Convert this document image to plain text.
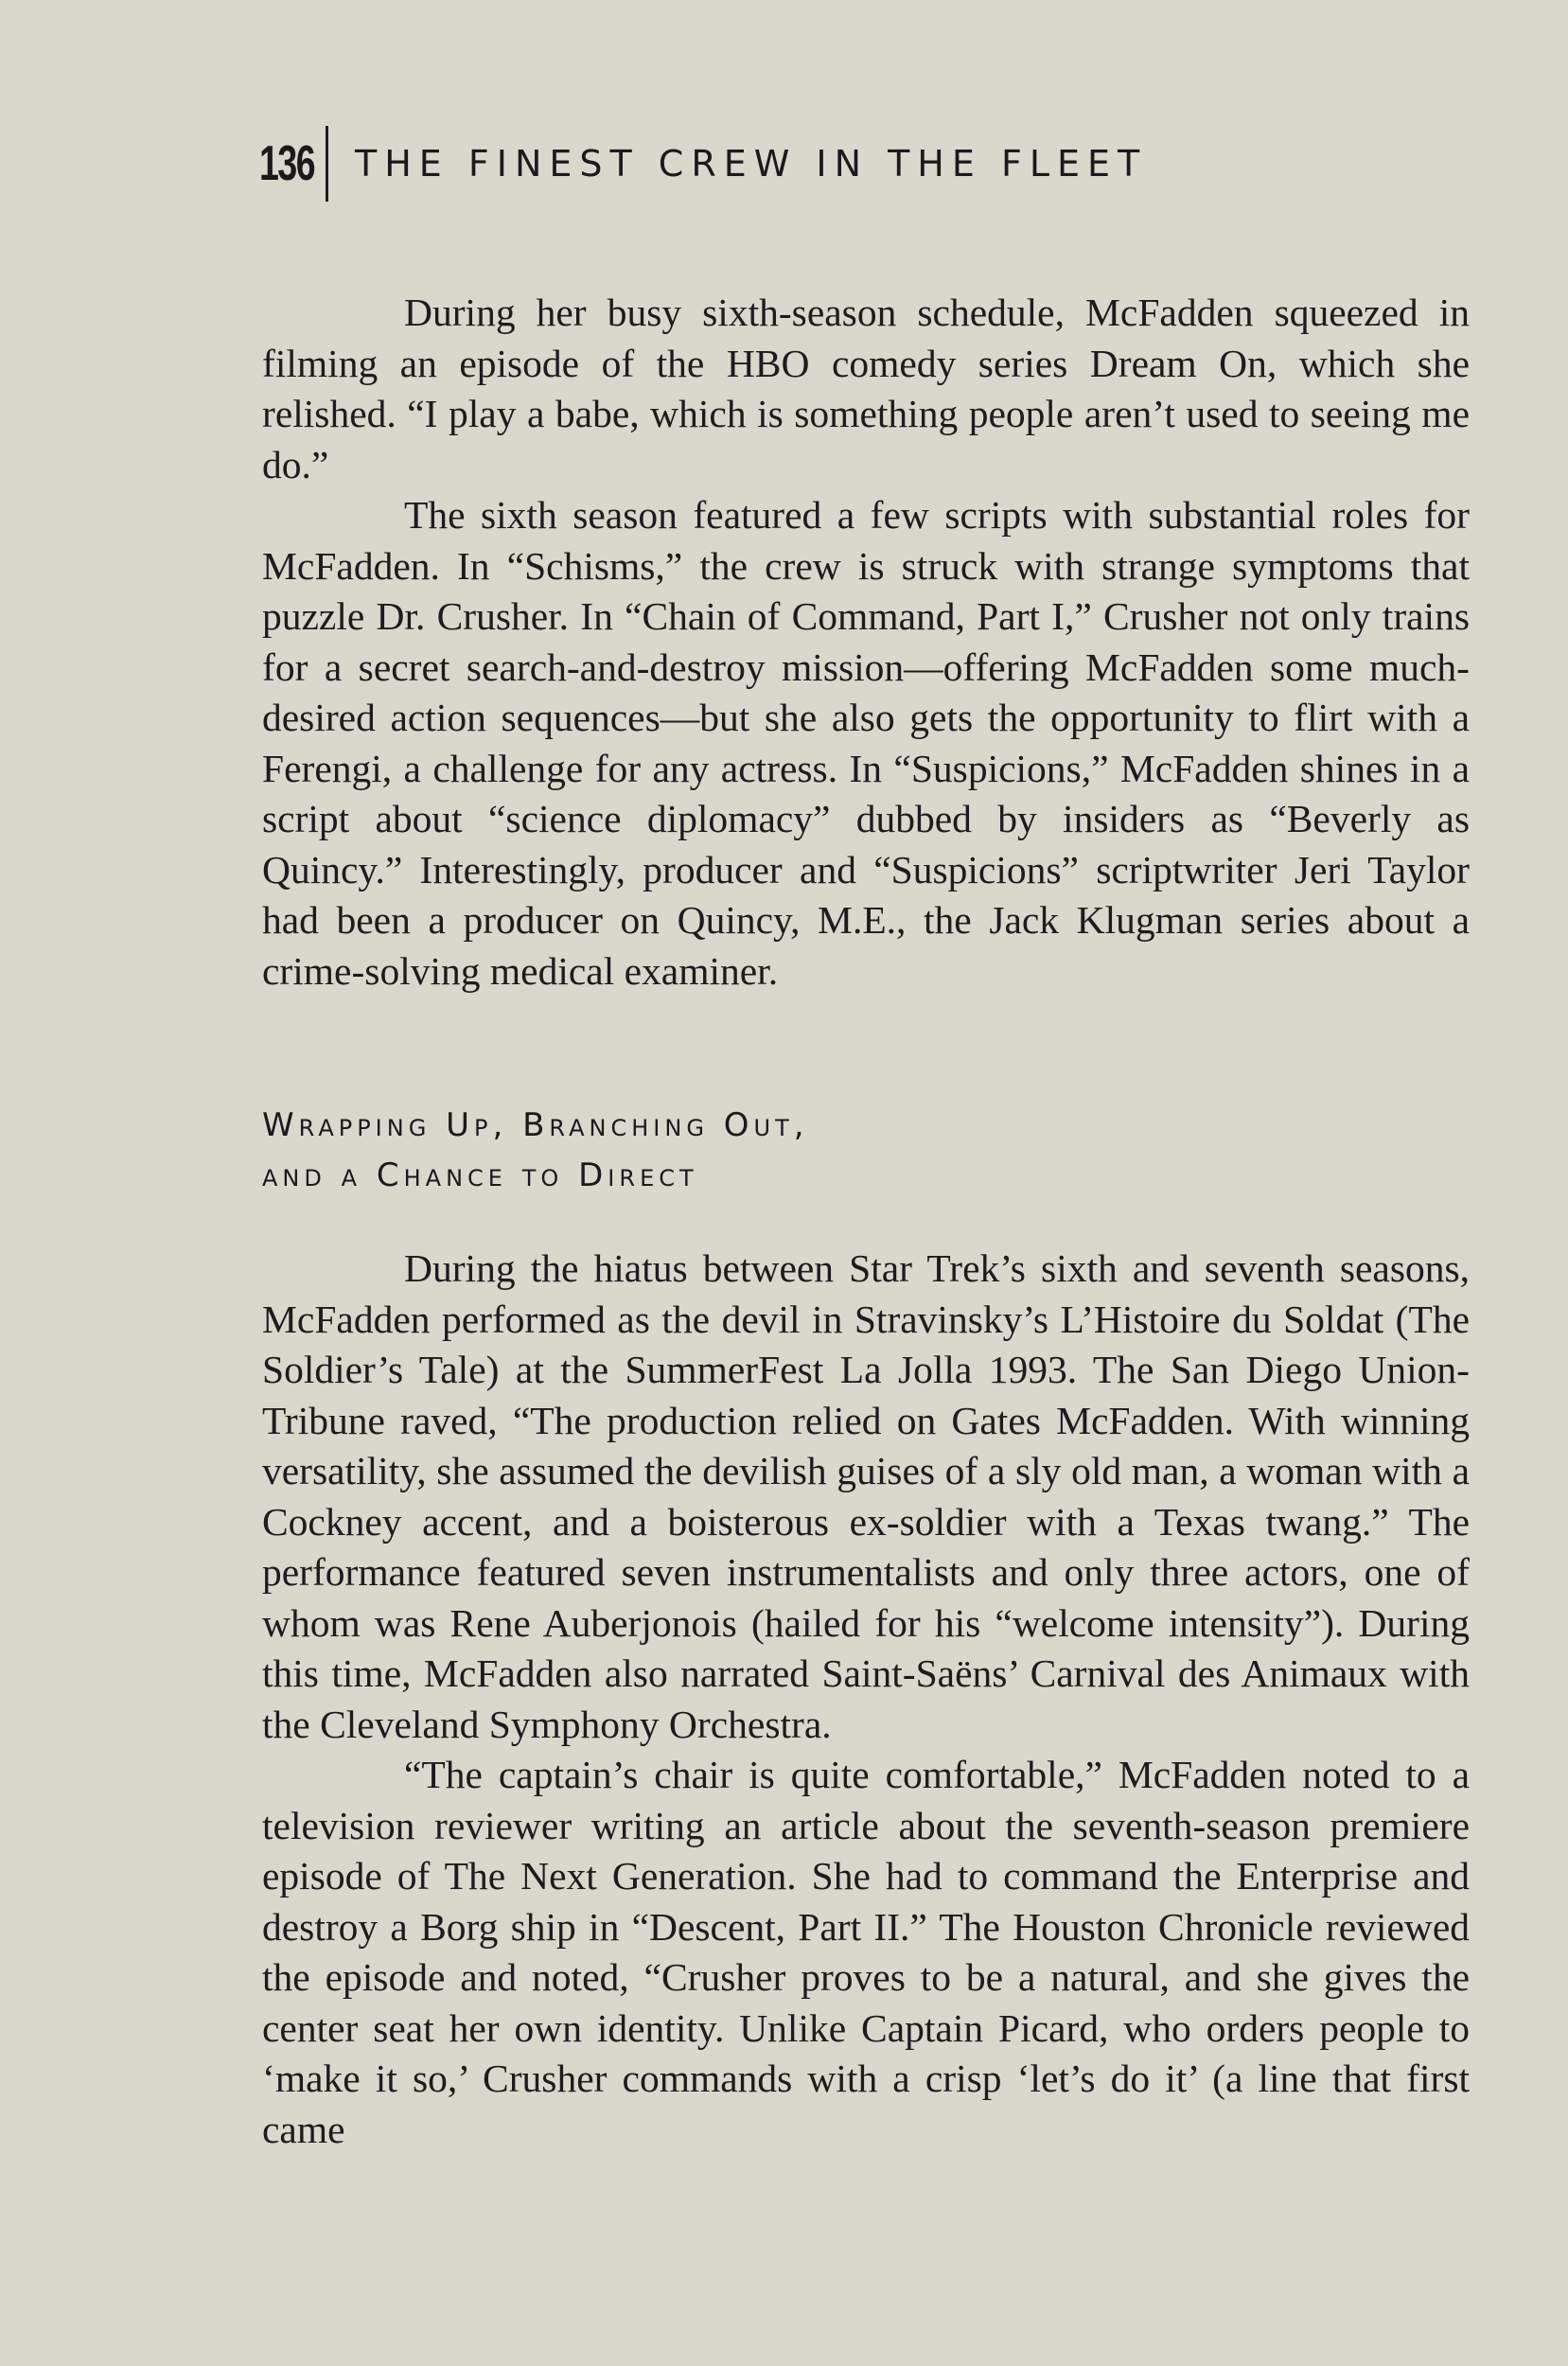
136 THE FINEST CREW IN THE FLEET

During her busy sixth-season schedule, McFadden squeezed in filming an episode of the HBO comedy series Dream On, which she relished. “I play a babe, which is something people aren’t used to seeing me do.”

The sixth season featured a few scripts with substantial roles for McFadden. In “Schisms,” the crew is struck with strange symptoms that puzzle Dr. Crusher. In “Chain of Command, Part I,” Crusher not only trains for a secret search-and-destroy mission—offering McFadden some much-desired action sequences—but she also gets the opportunity to flirt with a Ferengi, a challenge for any actress. In “Suspicions,” McFadden shines in a script about “science diplomacy” dubbed by insiders as “Beverly as Quincy.” Interestingly, producer and “Suspicions” scriptwriter Jeri Taylor had been a producer on Quincy, M.E., the Jack Klugman series about a crime-solving medical examiner.

Wrapping Up, Branching Out,
and a Chance to Direct

During the hiatus between Star Trek’s sixth and seventh seasons, McFadden performed as the devil in Stravinsky’s L’Histoire du Soldat (The Soldier’s Tale) at the SummerFest La Jolla 1993. The San Diego Union-Tribune raved, “The production relied on Gates McFadden. With winning versatility, she assumed the devilish guises of a sly old man, a woman with a Cockney accent, and a boisterous ex-soldier with a Texas twang.” The performance featured seven instrumentalists and only three actors, one of whom was Rene Auberjonois (hailed for his “welcome intensity”). During this time, McFadden also narrated Saint-Saëns’ Carnival des Animaux with the Cleveland Symphony Orchestra.

“The captain’s chair is quite comfortable,” McFadden noted to a television reviewer writing an article about the seventh-season premiere episode of The Next Generation. She had to command the Enterprise and destroy a Borg ship in “Descent, Part II.” The Houston Chronicle reviewed the episode and noted, “Crusher proves to be a natural, and she gives the center seat her own identity. Unlike Captain Picard, who orders people to ‘make it so,’ Crusher commands with a crisp ‘let’s do it’ (a line that first came
